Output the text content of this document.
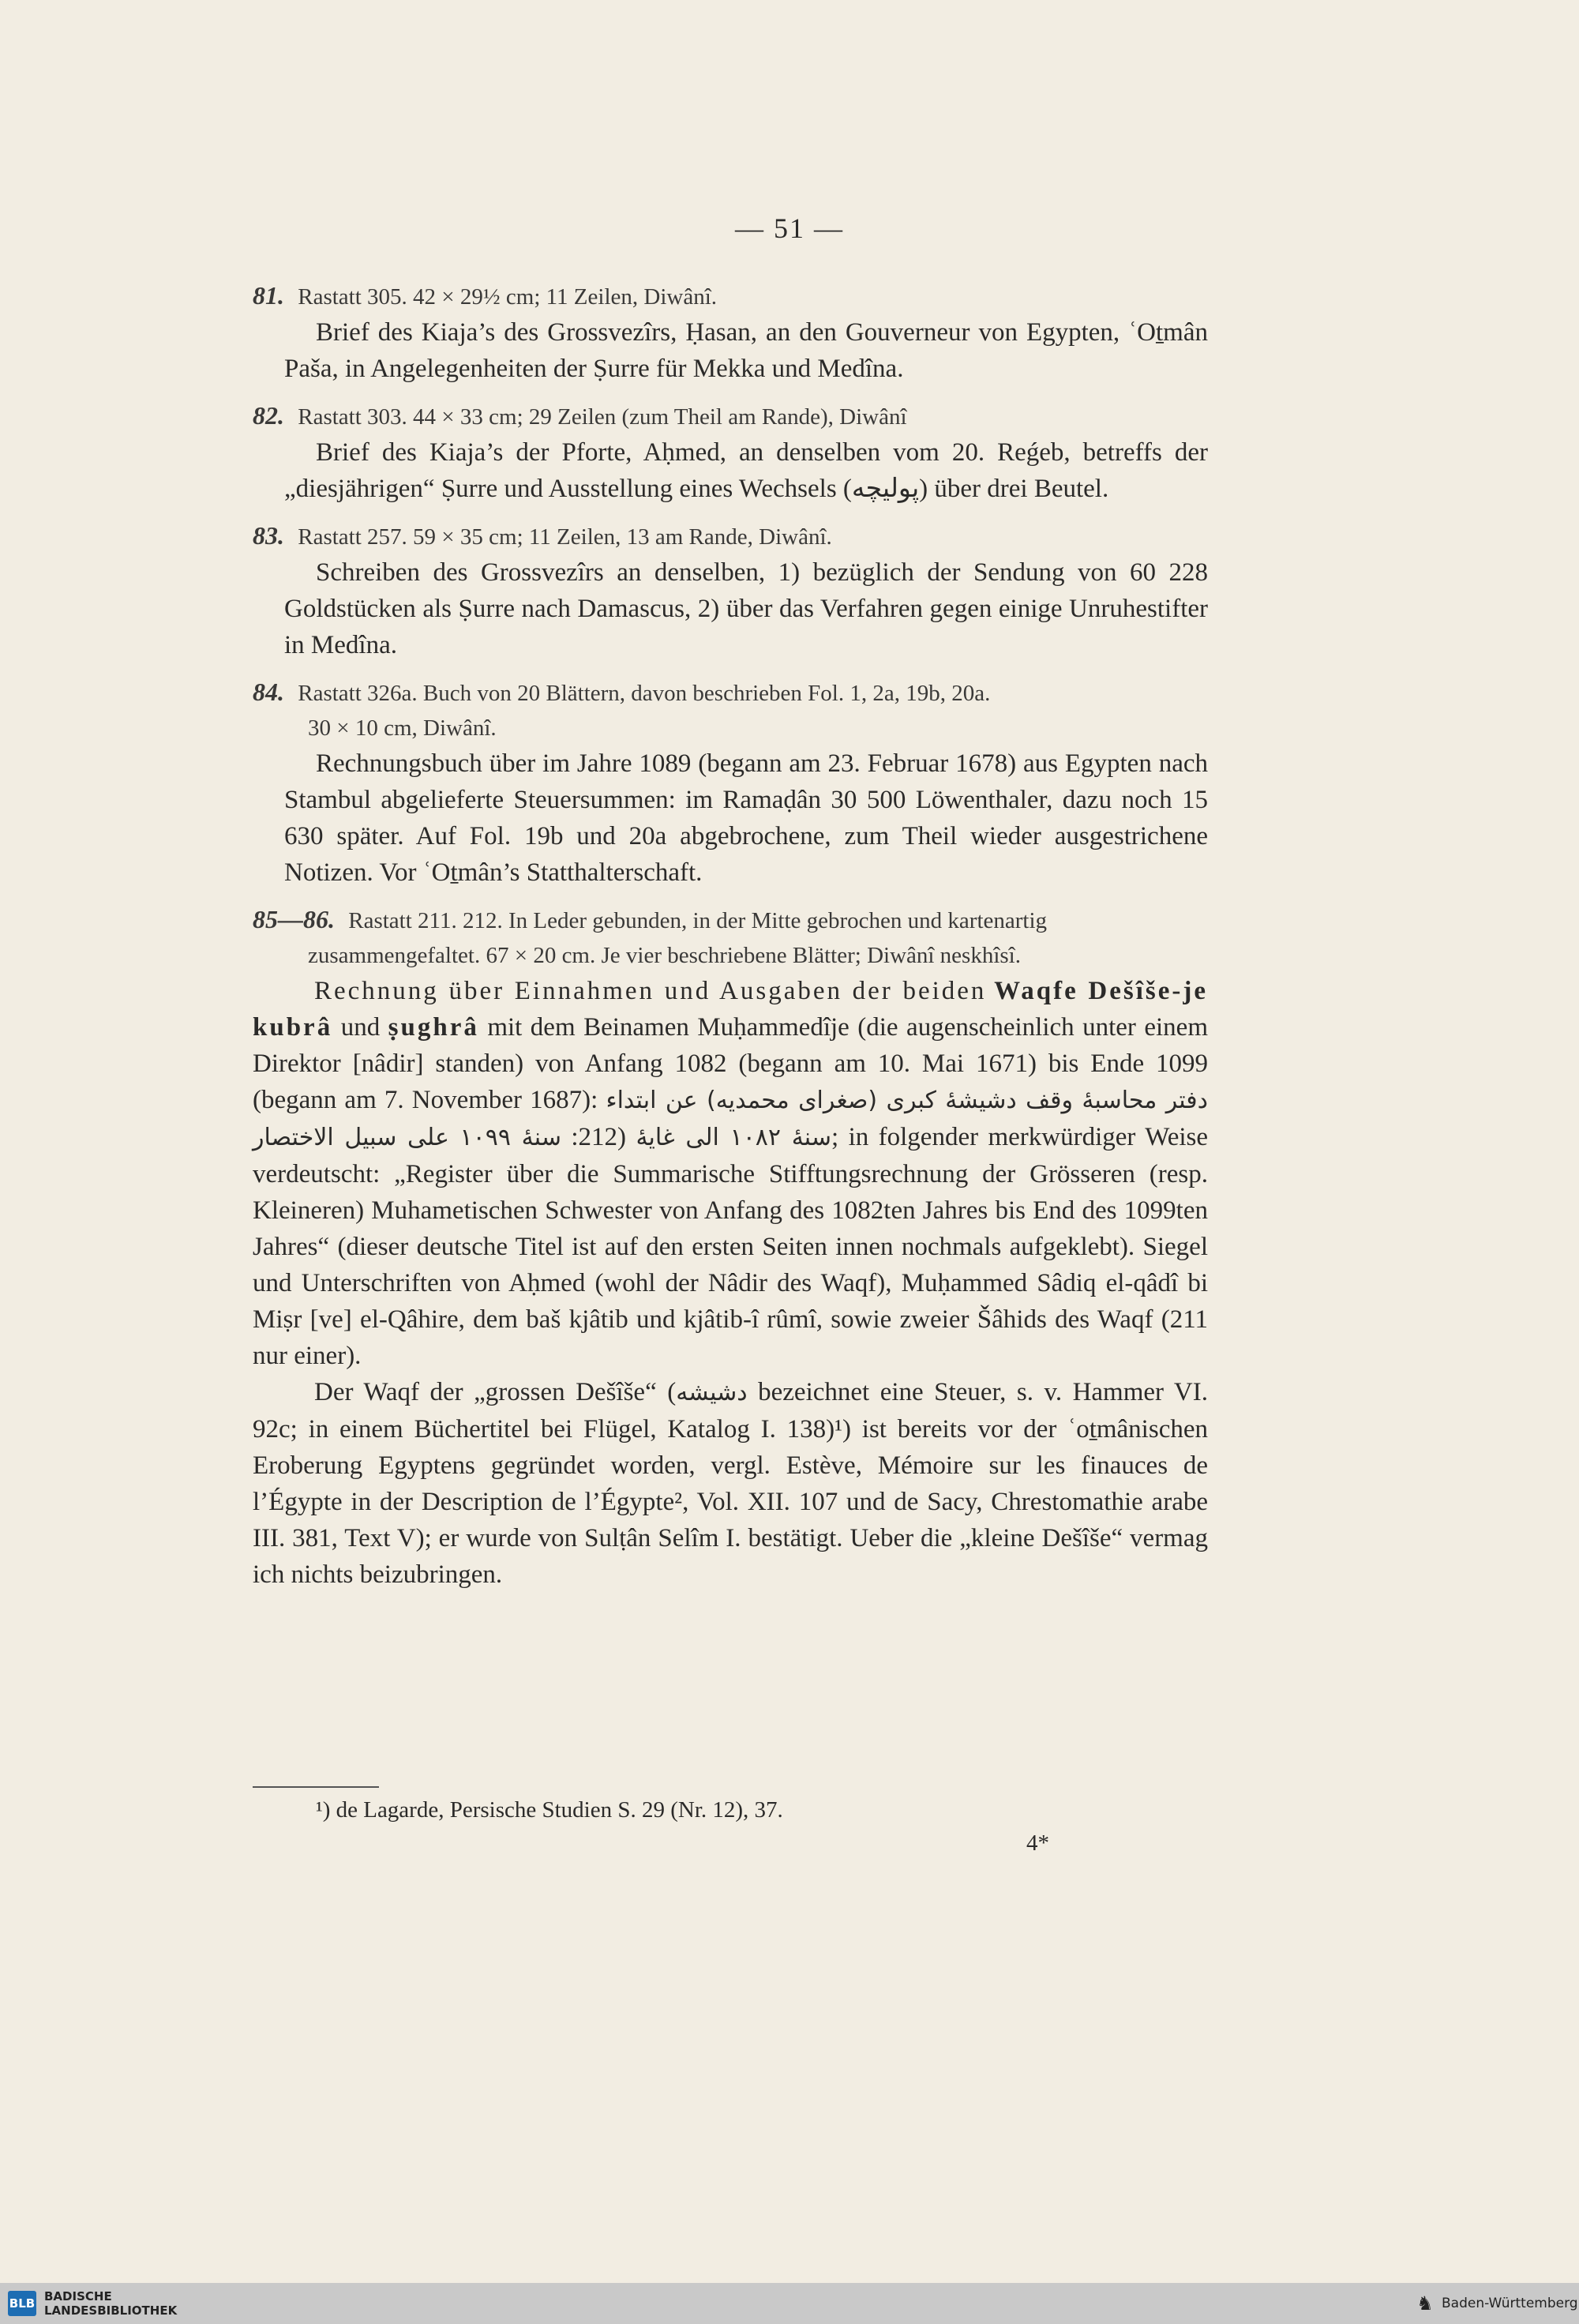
— 51 —
81. Rastatt 305. 42 × 29½ cm; 11 Zeilen, Diwânî.

Brief des Kiaja’s des Grossvezîrs, Ḥasan, an den Gouverneur von Egypten, ʿOṯmân Paša, in Angelegenheiten der Ṣurre für Mekka und Medîna.

82. Rastatt 303. 44 × 33 cm; 29 Zeilen (zum Theil am Rande), Diwânî

Brief des Kiaja’s der Pforte, Aḥmed, an denselben vom 20. Reǵeb, betreffs der „diesjährigen“ Ṣurre und Ausstellung eines Wechsels (پولیچه) über drei Beutel.

83. Rastatt 257. 59 × 35 cm; 11 Zeilen, 13 am Rande, Diwânî.

Schreiben des Grossvezîrs an denselben, 1) bezüglich der Sendung von 60 228 Goldstücken als Ṣurre nach Damascus, 2) über das Verfahren gegen einige Unruhestifter in Medîna.

84. Rastatt 326a. Buch von 20 Blättern, davon beschrieben Fol. 1, 2a, 19b, 20a.
30 × 10 cm, Diwânî.

Rechnungsbuch über im Jahre 1089 (begann am 23. Februar 1678) aus Egypten nach Stambul abgelieferte Steuersummen: im Ramaḍân 30 500 Löwenthaler, dazu noch 15 630 später. Auf Fol. 19b und 20a abgebrochene, zum Theil wieder ausgestrichene Notizen. Vor ʿOṯmân’s Statthalterschaft.

85—86. Rastatt 211. 212. In Leder gebunden, in der Mitte gebrochen und kartenartig
zusammengefaltet. 67 × 20 cm. Je vier beschriebene Blätter; Diwânî neskhîsî.

Rechnung über Einnahmen und Ausgaben der beiden Waqfe Dešîše-je kubrâ und ṣughrâ mit dem Beinamen Muḥammedîje (die augenscheinlich unter einem Direktor [nâdir] standen) von Anfang 1082 (begann am 10. Mai 1671) bis Ende 1099 (begann am 7. November 1687): دفتر محاسبهٔ وقف دشیشهٔ کبری (صغرای محمدیه) عن ابتداء سنهٔ ۱۰۸۲ الی غایهٔ (212: سنهٔ ۱۰۹۹ علی سبیل الاختصار	; in folgender merkwürdiger Weise verdeutscht: „Register über die Summarische Stifftungsrechnung der Grösseren (resp. Kleineren) Muhametischen Schwester von Anfang des 1082ten Jahres bis End des 1099ten Jahres“ (dieser deutsche Titel ist auf den ersten Seiten innen nochmals aufgeklebt). Siegel und Unterschriften von Aḥmed (wohl der Nâdir des Waqf), Muḥammed Sâdiq el-qâdî bi Miṣr [ve] el-Qâhire, dem baš kjâtib und kjâtib-î rûmî, sowie zweier Šâhids des Waqf (211 nur einer).

Der Waqf der „grossen Dešîše“ (دشیشه bezeichnet eine Steuer, s. v. Hammer VI. 92c; in einem Büchertitel bei Flügel, Katalog I. 138)¹) ist bereits vor der ʿoṯmânischen Eroberung Egyptens gegründet worden, vergl. Estève, Mémoire sur les finauces de l’Égypte in der Description de l’Égypte², Vol. XII. 107 und de Sacy, Chrestomathie arabe III. 381, Text V); er wurde von Sulṭân Selîm I. bestätigt. Ueber die „kleine Dešîše“ vermag ich nichts beizubringen.

¹) de Lagarde, Persische Studien S. 29 (Nr. 12), 37.
4*
BLB BADISCHE
LANDESBIBLIOTHEK	♞ Baden-Württemberg
